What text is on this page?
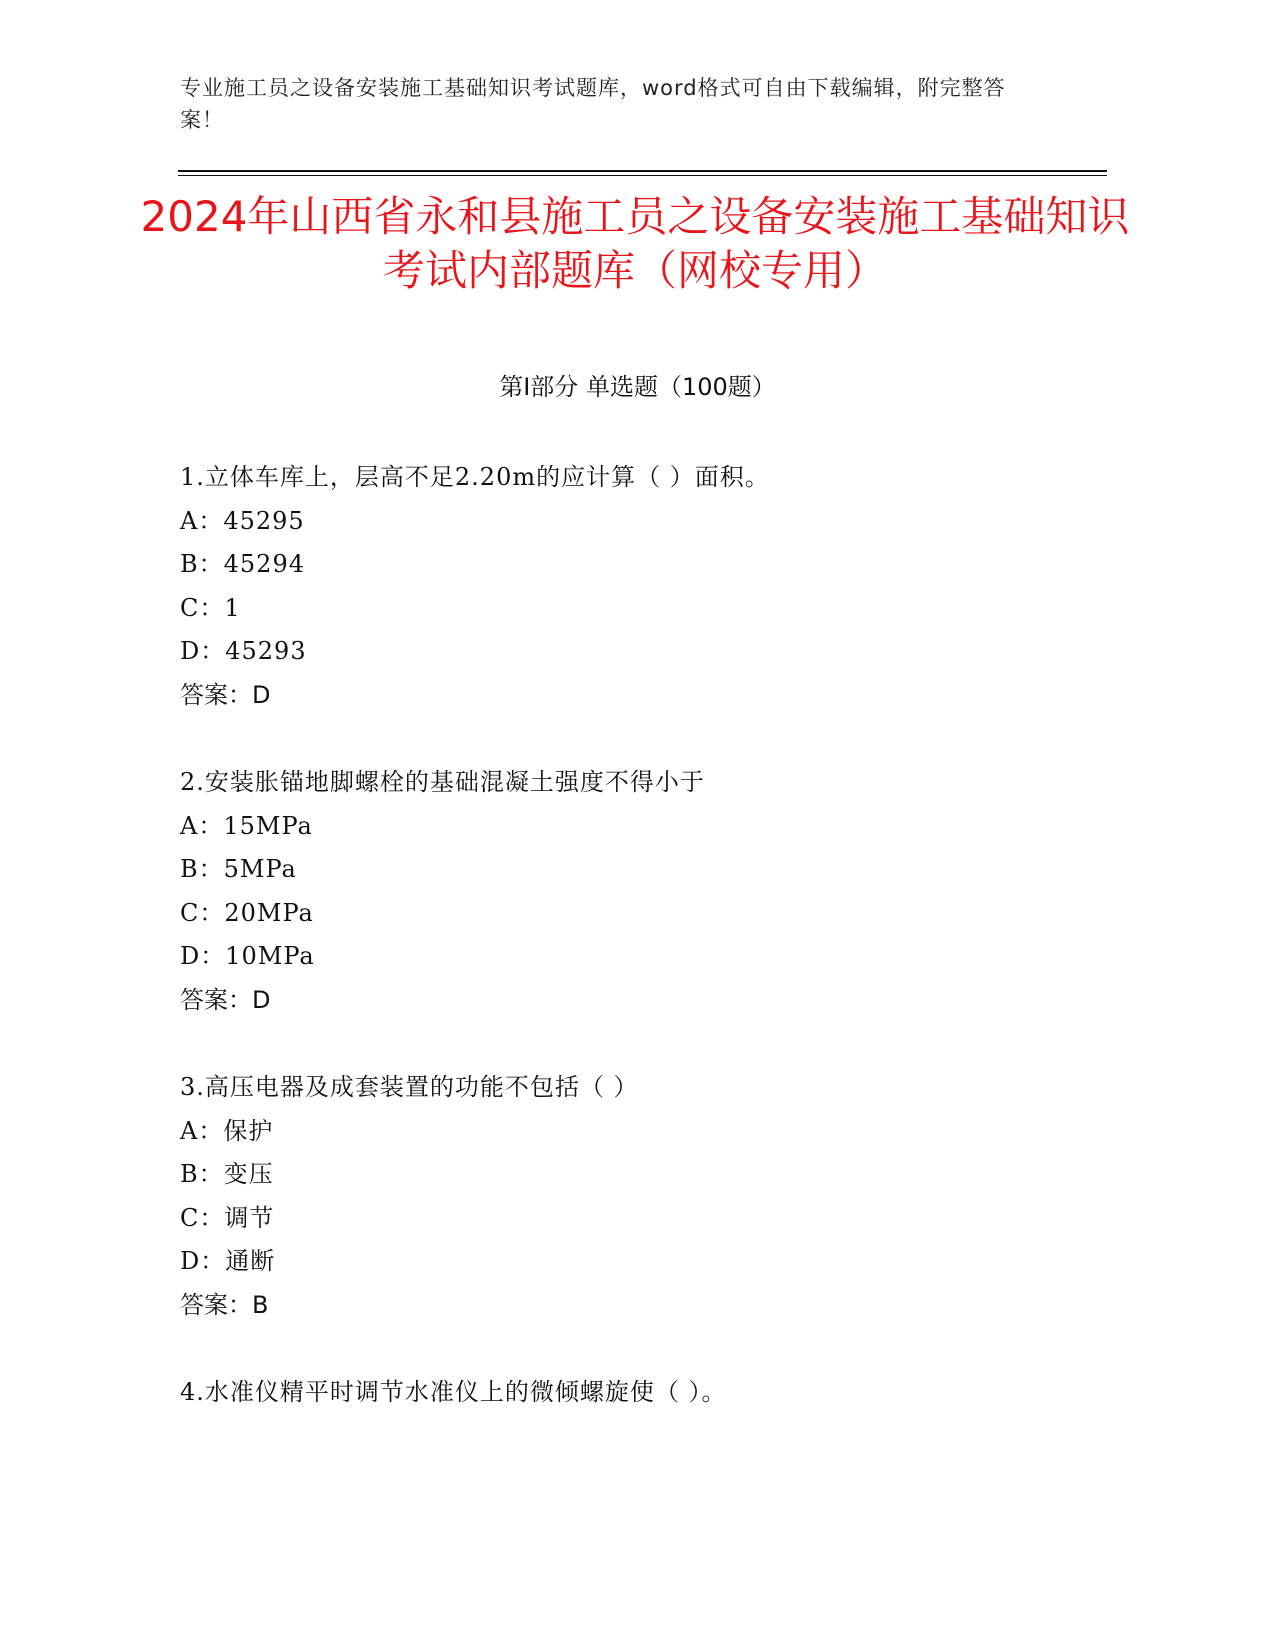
专业施工员之设备安装施工基础知识考试题库，word格式可自由下载编辑，附完整答案！
2024年山西省永和县施工员之设备安装施工基础知识考试内部题库（网校专用）
第I部分 单选题（100题）
1.立体车库上，层高不足2.20m的应计算（ ）面积。
A：45295
B：45294
C：1
D：45293
答案：D
2.安装胀锚地脚螺栓的基础混凝土强度不得小于
A：15MPa
B：5MPa
C：20MPa
D：10MPa
答案：D
3.高压电器及成套装置的功能不包括（ ）
A：保护
B：变压
C：调节
D：通断
答案：B
4.水准仪精平时调节水准仪上的微倾螺旋使（ ）。
